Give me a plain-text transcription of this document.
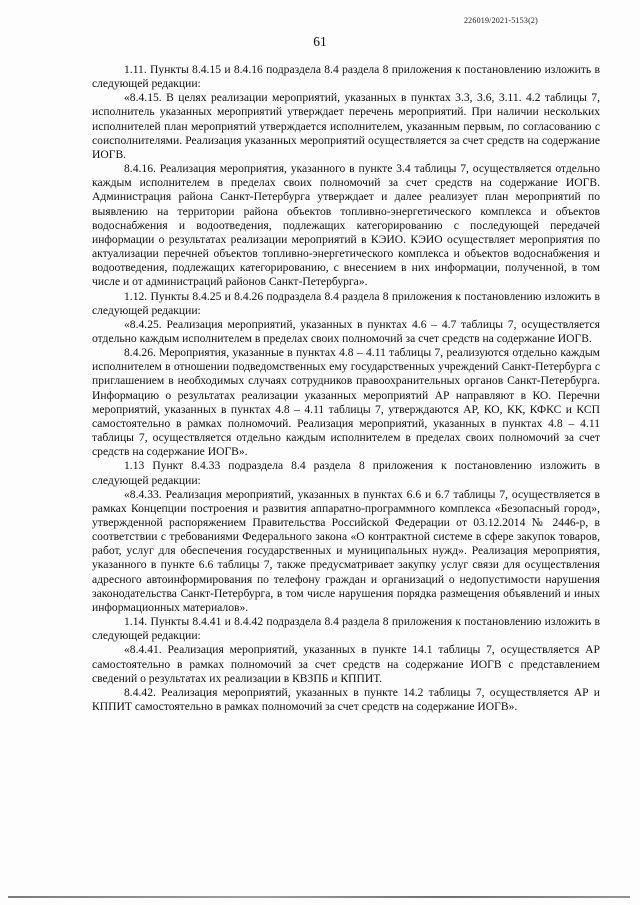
226019/2021-5153(2)
61

1.11. Пункты 8.4.15 и 8.4.16 подраздела 8.4 раздела 8 приложения к постановлению изложить в следующей редакции:

«8.4.15. В целях реализации мероприятий, указанных в пунктах 3.3, 3.6, 3.11. 4.2 таблицы 7, исполнитель указанных мероприятий утверждает перечень мероприятий. При наличии нескольких исполнителей план мероприятий утверждается исполнителем, указанным первым, по согласованию с соисполнителями. Реализация указанных мероприятий осуществляется за счет средств на содержание ИОГВ.

8.4.16. Реализация мероприятия, указанного в пункте 3.4 таблицы 7, осуществляется отдельно каждым исполнителем в пределах своих полномочий за счет средств на содержание ИОГВ. Администрация района Санкт-Петербурга утверждает и далее реализует план мероприятий по выявлению на территории района объектов топливно-энергетического комплекса и объектов водоснабжения и водоотведения, подлежащих категорированию с последующей передачей информации о результатах реализации мероприятий в КЭИО. КЭИО осуществляет мероприятия по актуализации перечней объектов топливно-энергетического комплекса и объектов водоснабжения и водоотведения, подлежащих категорированию, с внесением в них информации, полученной, в том числе и от администраций районов Санкт-Петербурга».

1.12. Пункты 8.4.25 и 8.4.26 подраздела 8.4 раздела 8 приложения к постановлению изложить в следующей редакции:

«8.4.25. Реализация мероприятий, указанных в пунктах 4.6 – 4.7 таблицы 7, осуществляется отдельно каждым исполнителем в пределах своих полномочий за счет средств на содержание ИОГВ.

8.4.26. Мероприятия, указанные в пунктах 4.8 – 4.11 таблицы 7, реализуются отдельно каждым исполнителем в отношении подведомственных ему государственных учреждений Санкт-Петербурга с приглашением в необходимых случаях сотрудников правоохранительных органов Санкт-Петербурга. Информацию о результатах реализации указанных мероприятий АР направляют в КО. Перечни мероприятий, указанных в пунктах 4.8 – 4.11 таблицы 7, утверждаются АР, КО, КК, КФКС и КСП самостоятельно в рамках полномочий. Реализация мероприятий, указанных в пунктах 4.8 – 4.11 таблицы 7, осуществляется отдельно каждым исполнителем в пределах своих полномочий за счет средств на содержание ИОГВ».

1.13 Пункт 8.4.33 подраздела 8.4 раздела 8 приложения к постановлению изложить в следующей редакции:

«8.4.33. Реализация мероприятий, указанных в пунктах 6.6 и 6.7 таблицы 7, осуществляется в рамках Концепции построения и развития аппаратно-программного комплекса «Безопасный город», утвержденной распоряжением Правительства Российской Федерации от 03.12.2014 № 2446-р, в соответствии с требованиями Федерального закона «О контрактной системе в сфере закупок товаров, работ, услуг для обеспечения государственных и муниципальных нужд». Реализация мероприятия, указанного в пункте 6.6 таблицы 7, также предусматривает закупку услуг связи для осуществления адресного автоинформирования по телефону граждан и организаций о недопустимости нарушения законодательства Санкт-Петербурга, в том числе нарушения порядка размещения объявлений и иных информационных материалов».

1.14. Пункты 8.4.41 и 8.4.42 подраздела 8.4 раздела 8 приложения к постановлению изложить в следующей редакции:

«8.4.41. Реализация мероприятий, указанных в пункте 14.1 таблицы 7, осуществляется АР самостоятельно в рамках полномочий за счет средств на содержание ИОГВ с представлением сведений о результатах их реализации в КВЗПБ и КППИТ.

8.4.42. Реализация мероприятий, указанных в пункте 14.2 таблицы 7, осуществляется АР и КППИТ самостоятельно в рамках полномочий за счет средств на содержание ИОГВ».
